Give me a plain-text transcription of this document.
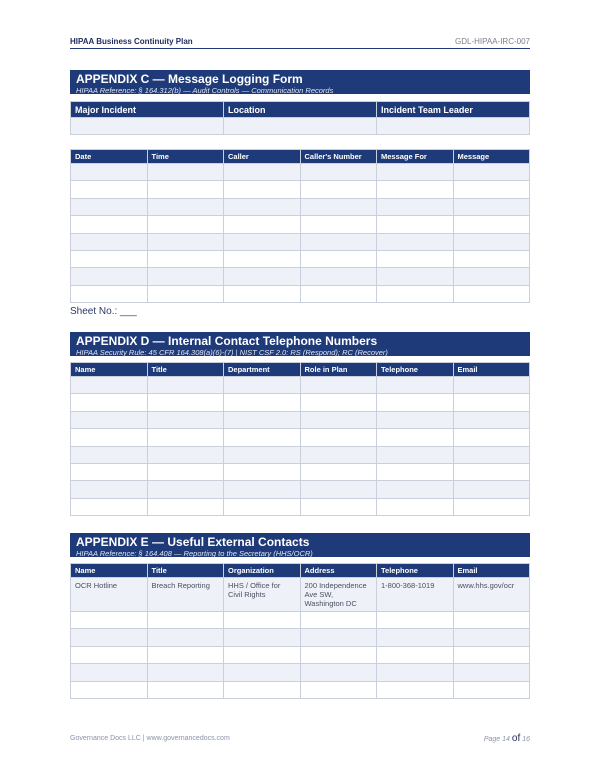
HIPAA Business Continuity Plan	GDL-HIPAA-IRC-007
APPENDIX C — Message Logging Form
HIPAA Reference: § 164.312(b) — Audit Controls — Communication Records
Major Incident	Location	Incident Team Leader

Date	Time	Caller	Caller's Number	Message For	Message

Sheet No.: ___
APPENDIX D — Internal Contact Telephone Numbers
HIPAA Security Rule: 45 CFR 164.308(a)(6)-(7) | NIST CSF 2.0: RS (Respond); RC (Recover)
Name	Title	Department	Role in Plan	Telephone	Email

APPENDIX E — Useful External Contacts
HIPAA Reference: § 164.408 — Reporting to the Secretary (HHS/OCR)
Name	Title	Organization	Address	Telephone	Email
OCR Hotline	Breach Reporting	HHS / Office for Civil Rights	200 Independence Ave SW, Washington DC	1-800-368-1019	www.hhs.gov/ocr

Governance Docs LLC | www.governancedocs.com	Page 14 of 16
